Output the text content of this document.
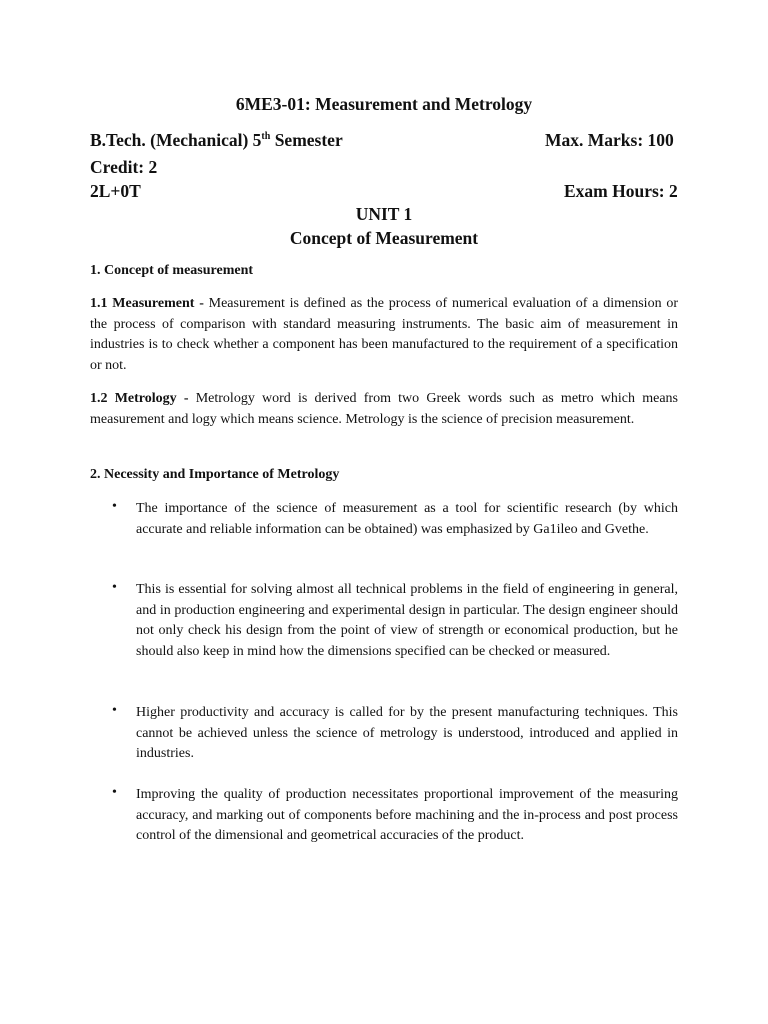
6ME3-01: Measurement and Metrology
B.Tech. (Mechanical) 5th Semester	Max. Marks: 100
Credit: 2
2L+0T	Exam Hours: 2
UNIT 1
Concept of Measurement
1. Concept of measurement
1.1 Measurement - Measurement is defined as the process of numerical evaluation of a dimension or the process of comparison with standard measuring instruments. The basic aim of measurement in industries is to check whether a component has been manufactured to the requirement of a specification or not.
1.2 Metrology - Metrology word is derived from two Greek words such as metro which means measurement and logy which means science. Metrology is the science of precision measurement.
2. Necessity and Importance of Metrology
• The importance of the science of measurement as a tool for scientific research (by which accurate and reliable information can be obtained) was emphasized by Ga1ileo and Gvethe.
• This is essential for solving almost all technical problems in the field of engineering in general, and in production engineering and experimental design in particular. The design engineer should not only check his design from the point of view of strength or economical production, but he should also keep in mind how the dimensions specified can be checked or measured.
• Higher productivity and accuracy is called for by the present manufacturing techniques. This cannot be achieved unless the science of metrology is understood, introduced and applied in industries.
• Improving the quality of production necessitates proportional improvement of the measuring accuracy, and marking out of components before machining and the in-process and post process control of the dimensional and geometrical accuracies of the product.
